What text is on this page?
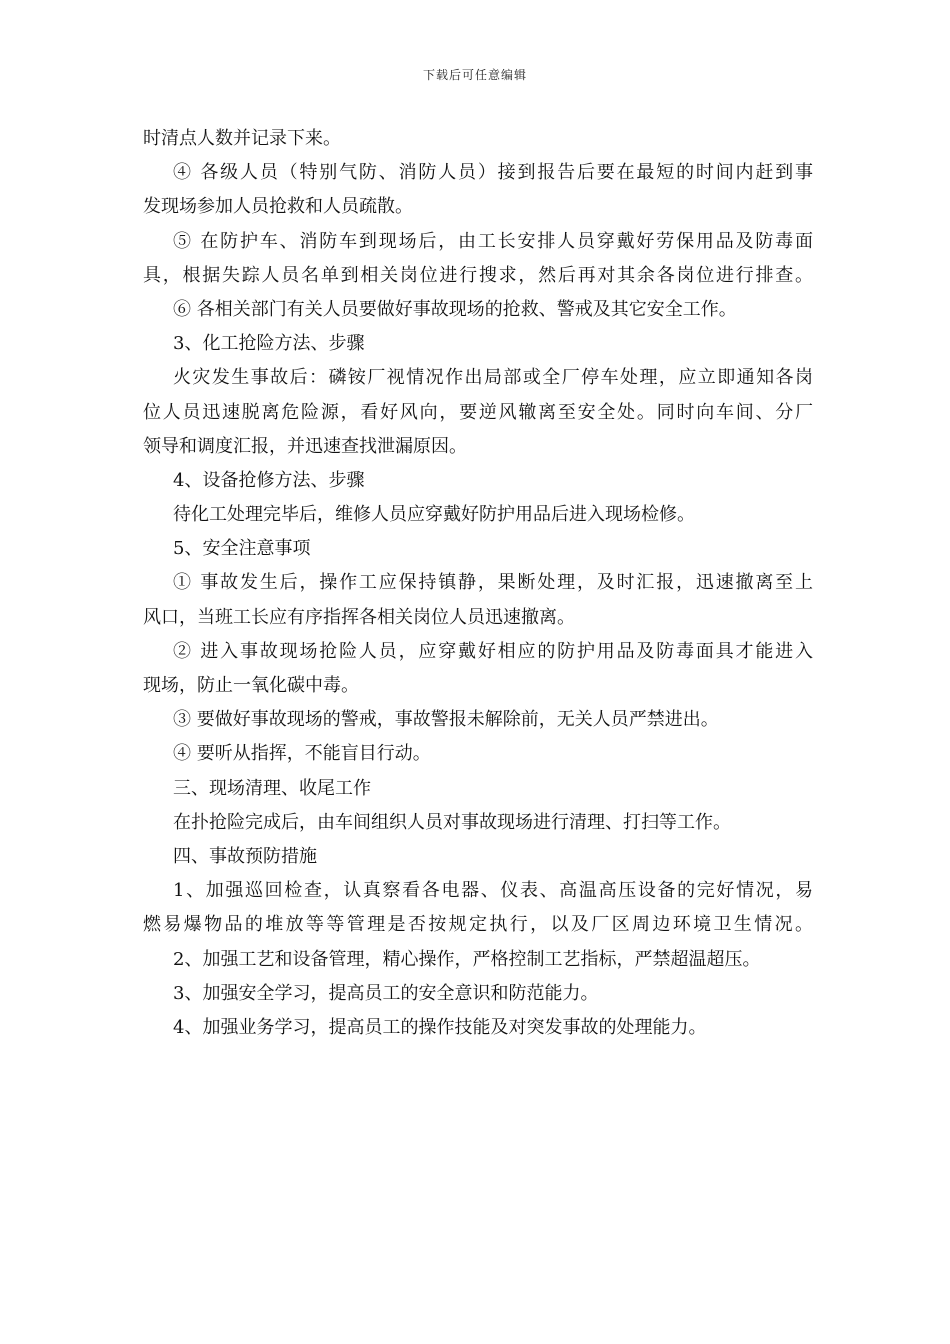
下载后可任意编辑
时清点人数并记录下来。
④ 各级人员（特别气防、消防人员）接到报告后要在最短的时间内赶到事
发现场参加人员抢救和人员疏散。
⑤ 在防护车、消防车到现场后，由工长安排人员穿戴好劳保用品及防毒面
具，根据失踪人员名单到相关岗位进行搜求，然后再对其余各岗位进行排查。
⑥ 各相关部门有关人员要做好事故现场的抢救、警戒及其它安全工作。
3、化工抢险方法、步骤
火灾发生事故后：磷铵厂视情况作出局部或全厂停车处理，应立即通知各岗
位人员迅速脱离危险源，看好风向，要逆风辙离至安全处。同时向车间、分厂
领导和调度汇报，并迅速查找泄漏原因。
4、设备抢修方法、步骤
待化工处理完毕后，维修人员应穿戴好防护用品后进入现场检修。
5、安全注意事项
① 事故发生后，操作工应保持镇静，果断处理，及时汇报，迅速撤离至上
风口，当班工长应有序指挥各相关岗位人员迅速撤离。
② 进入事故现场抢险人员，应穿戴好相应的防护用品及防毒面具才能进入
现场，防止一氧化碳中毒。
③ 要做好事故现场的警戒，事故警报未解除前，无关人员严禁进出。
④ 要听从指挥，不能盲目行动。
三、现场清理、收尾工作
在扑抢险完成后，由车间组织人员对事故现场进行清理、打扫等工作。
四、事故预防措施
1、加强巡回检查，认真察看各电器、仪表、高温高压设备的完好情况，易
燃易爆物品的堆放等等管理是否按规定执行，以及厂区周边环境卫生情况。
2、加强工艺和设备管理，精心操作，严格控制工艺指标，严禁超温超压。
3、加强安全学习，提高员工的安全意识和防范能力。
4、加强业务学习，提高员工的操作技能及对突发事故的处理能力。
